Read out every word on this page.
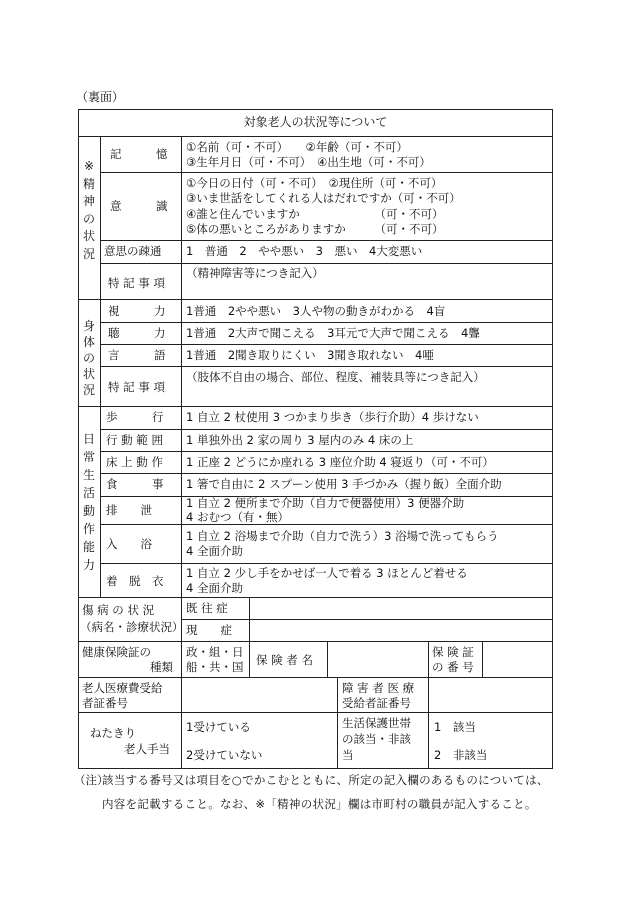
（裏面）
対象老人の状況等について
※精神の状況
記　　　憶 ①名前（可・不可）　　②年齢（可・不可）
③生年月日（可・不可）　④出生地（可・不可）
意　　　識
①今日の日付（可・不可）　②現住所（可・不可）
③いま世話をしてくれる人はだれですか（可・不可）
④誰と住んでいますか　　　　　　　（可・不可）
⑤体の悪いところがありますか　　　（可・不可）
意思の疎通 1　普通　2　やや悪い　3　悪い　4大変悪い
特 記 事 項
（精神障害等につき記入）
身体の状況
視　　　力 1普通　2やや悪い　3人や物の動きがわかる　4盲
聴　　　力 1普通　2大声で聞こえる　3耳元で大声で聞こえる　4聾
言　　　語 1普通　2聞き取りにくい　3聞き取れない　4唖
特 記 事 項
（肢体不自由の場合、部位、程度、補装具等につき記入）
日常生活動作能力
歩　　　行 1 自立 2 杖使用 3 つかまり歩き（歩行介助）4 歩けない
行 動 範 囲 1 単独外出 2 家の周り 3 屋内のみ 4 床の上
床 上 動 作 1 正座 2 どうにか座れる 3 座位介助 4 寝返り（可・不可）
食　　　事 1 箸で自由に 2 スプーン使用 3 手づかみ（握り飯）全面介助
排　　泄	1 自立 2 便所まで介助（自力で便器使用）3 便器介助
4 おむつ（有・無）
入　　浴
1 自立 2 浴場まで介助（自力で洗う）3 浴場で洗ってもらう
4 全面介助
着　脱　衣
1 自立 2 少し手をかせば一人で着る 3 ほとんど着せる
4 全面介助
傷 病 の 状 況
（病名・診療状況）
既 往 症
現　　症
健康保険証の
種類
政・組・日
船・共・国 保 険 者 名
保 険 証
の 番 号
老人医療費受給
者証番号
障 害 者 医 療
受給者証番号
ねたきり
老人手当
1受けている
2受けていない
生活保護世帯
の該当・非該
当
1　該当
2　非該当
（注）
該当する番号又は項目を○でかこむとともに、所定の記入欄のあるものについては、内容を記載すること。なお、※「精神の状況」欄は市町村の職員が記入すること。
